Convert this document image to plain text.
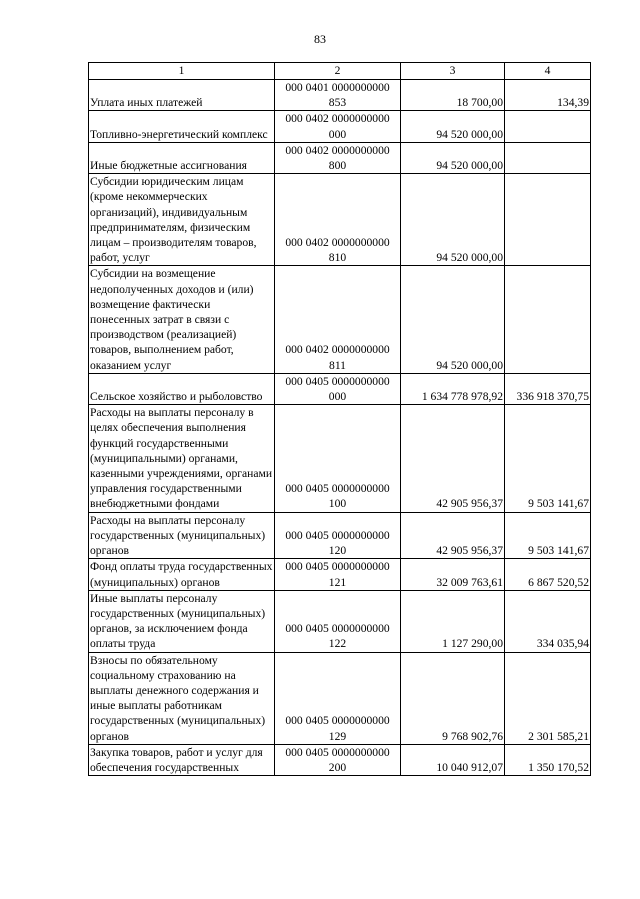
83
1	2	3	4
Уплата иных платежей	000 0401 0000000000 853	18 700,00	134,39
Топливно-энергетический комплекс	000 0402 0000000000 000	94 520 000,00	
Иные бюджетные ассигнования	000 0402 0000000000 800	94 520 000,00	
Субсидии юридическим лицам (кроме некоммерческих организаций), индивидуальным предпринимателям, физическим лицам – производителям товаров, работ, услуг	000 0402 0000000000 810	94 520 000,00	
Субсидии на возмещение недополученных доходов и (или) возмещение фактически понесенных затрат в связи с производством (реализацией) товаров, выполнением работ, оказанием услуг	000 0402 0000000000 811	94 520 000,00	
Сельское хозяйство и рыболовство	000 0405 0000000000 000	1 634 778 978,92	336 918 370,75
Расходы на выплаты персоналу в целях обеспечения выполнения функций государственными (муниципальными) органами, казенными учреждениями, органами управления государственными внебюджетными фондами	000 0405 0000000000 100	42 905 956,37	9 503 141,67
Расходы на выплаты персоналу государственных (муниципальных) органов	000 0405 0000000000 120	42 905 956,37	9 503 141,67
Фонд оплаты труда государственных (муниципальных) органов	000 0405 0000000000 121	32 009 763,61	6 867 520,52
Иные выплаты персоналу государственных (муниципальных) органов, за исключением фонда оплаты труда	000 0405 0000000000 122	1 127 290,00	334 035,94
Взносы по обязательному социальному страхованию на выплаты денежного содержания и иные выплаты работникам государственных (муниципальных) органов	000 0405 0000000000 129	9 768 902,76	2 301 585,21
Закупка товаров, работ и услуг для обеспечения государственных	000 0405 0000000000 200	10 040 912,07	1 350 170,52
